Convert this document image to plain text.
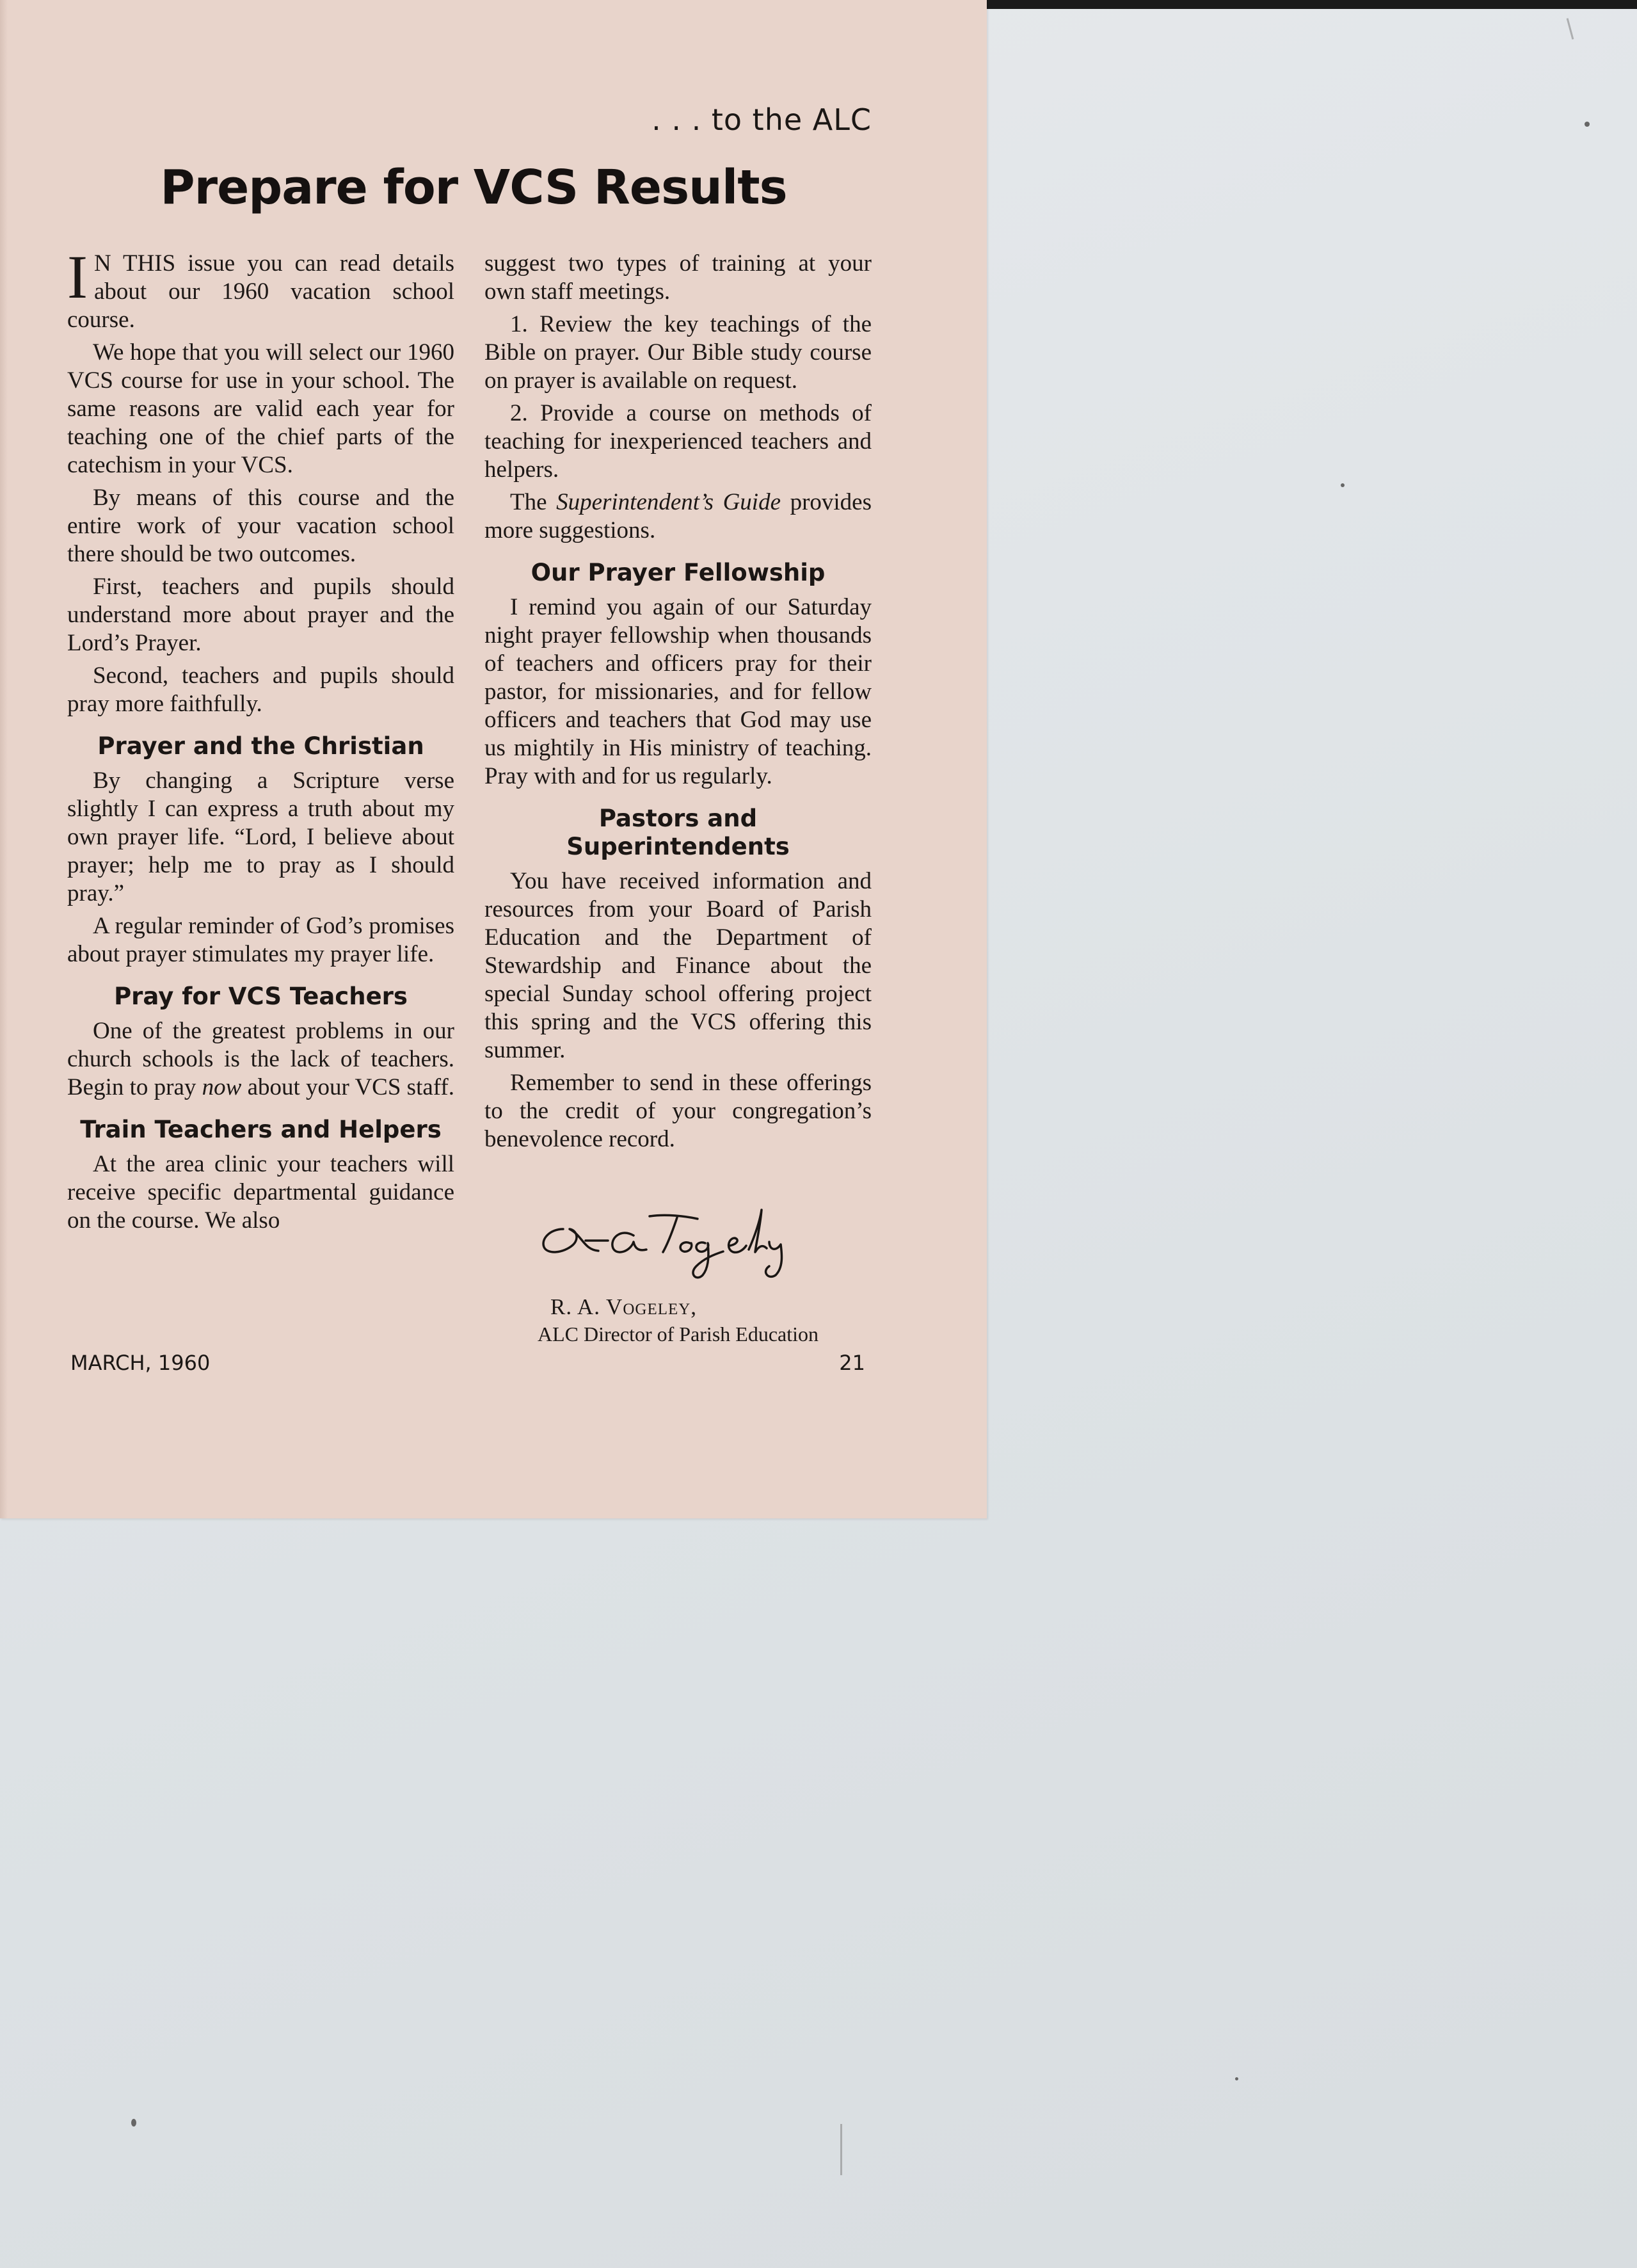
. . . to the ALC
Prepare for VCS Results

I N THIS issue you can read details about our 1960 vacation school course.

We hope that you will select our 1960 VCS course for use in your school. The same reasons are valid each year for teaching one of the chief parts of the catechism in your VCS.

By means of this course and the entire work of your vacation school there should be two outcomes.

First, teachers and pupils should understand more about prayer and the Lord’s Prayer.

Second, teachers and pupils should pray more faithfully.

Prayer and the Christian

By changing a Scripture verse slightly I can express a truth about my own prayer life. “Lord, I believe about prayer; help me to pray as I should pray.”

A regular reminder of God’s promises about prayer stimulates my prayer life.

Pray for VCS Teachers

One of the greatest problems in our church schools is the lack of teachers. Begin to pray now about your VCS staff.

Train Teachers and Helpers

At the area clinic your teachers will receive specific departmental guidance on the course. We also

suggest two types of training at your own staff meetings.

1. Review the key teachings of the Bible on prayer. Our Bible study course on prayer is available on request.

2. Provide a course on methods of teaching for inexperienced teachers and helpers.

The Superintendent’s Guide provides more suggestions.

Our Prayer Fellowship

I remind you again of our Saturday night prayer fellowship when thousands of teachers and officers pray for their pastor, for missionaries, and for fellow officers and teachers that God may use us mightily in His ministry of teaching. Pray with and for us regularly.

Pastors and Superintendents

You have received information and resources from your Board of Parish Education and the Department of Stewardship and Finance about the special Sunday school offering project this spring and the VCS offering this summer.

Remember to send in these offerings to the credit of your congregation’s benevolence record.

R. A. Vogeley,

ALC Director of Parish Education

MARCH, 1960	21
